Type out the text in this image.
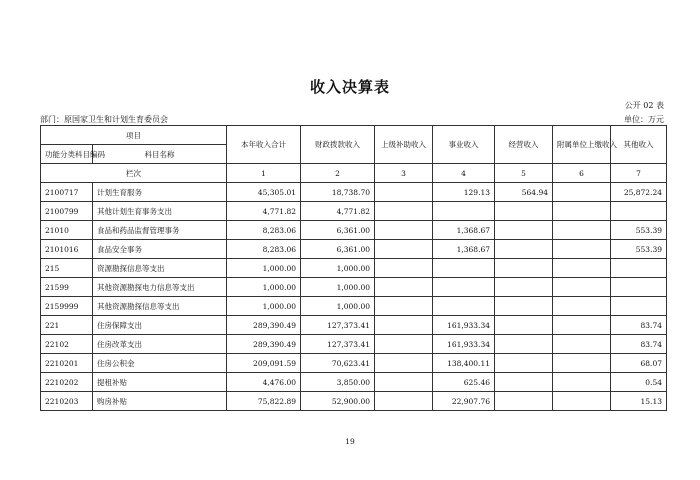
收入决算表
公开 02 表
部门：原国家卫生和计划生育委员会	单位：万元
项目		本年收入合计	财政拨款收入	上级补助收入	事业收入	经营收入	附属单位上缴收入	其他收入
功能分类科目编码	科目名称							
栏次		1	2	3	4	5	6	7
2100717	计划生育服务	45,305.01	18,738.70		129.13	564.94		25,872.24
2100799	其他计划生育事务支出	4,771.82	4,771.82					
21010	食品和药品监督管理事务	8,283.06	6,361.00		1,368.67			553.39
2101016	食品安全事务	8,283.06	6,361.00		1,368.67			553.39
215	资源勘探信息等支出	1,000.00	1,000.00					
21599	其他资源勘探电力信息等支出	1,000.00	1,000.00					
2159999	其他资源勘探信息等支出	1,000.00	1,000.00					
221	住房保障支出	289,390.49	127,373.41		161,933.34			83.74
22102	住房改革支出	289,390.49	127,373.41		161,933.34			83.74
2210201	住房公积金	209,091.59	70,623.41		138,400.11			68.07
2210202	提租补贴	4,476.00	3,850.00		625.46			0.54
2210203	购房补贴	75,822.89	52,900.00		22,907.76			15.13
19
